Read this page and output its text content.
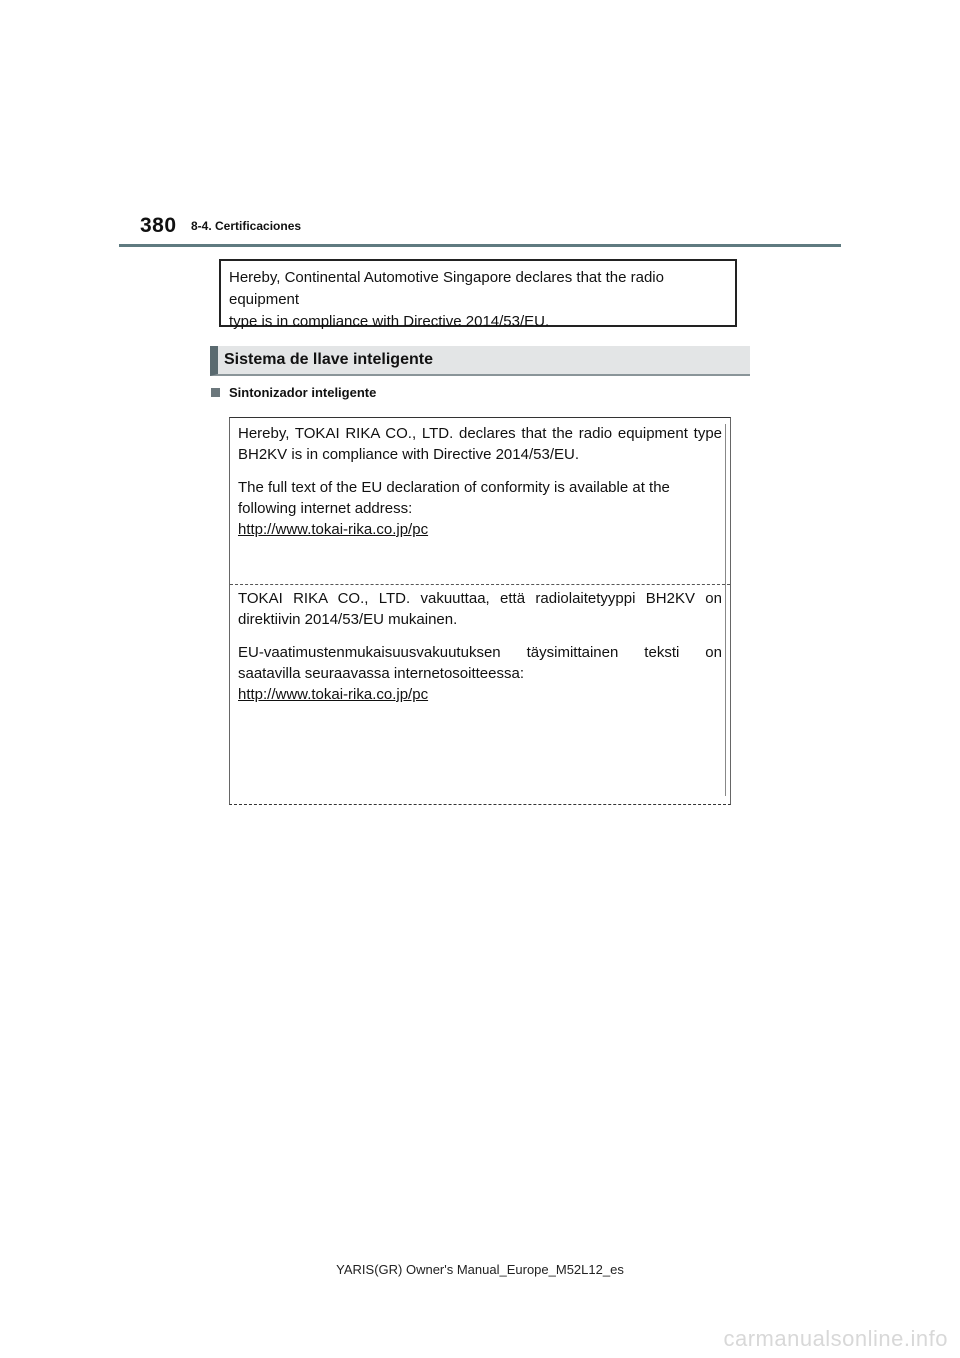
380 8-4. Certificaciones
Hereby, Continental Automotive Singapore declares that the radio equipment
type is in compliance with Directive 2014/53/EU.
Sistema de llave inteligente
Sintonizador inteligente

Hereby, TOKAI RIKA CO., LTD. declares that the radio equipment type
BH2KV is in compliance with Directive 2014/53/EU.

The full text of the EU declaration of conformity is available at the
following internet address:
http://www.tokai-rika.co.jp/pc

TOKAI RIKA CO., LTD. vakuuttaa, että radiolaitetyyppi BH2KV on
direktiivin 2014/53/EU mukainen.

EU-vaatimustenmukaisuusvakuutuksen täysimittainen teksti on
saatavilla seuraavassa internetosoitteessa:
http://www.tokai-rika.co.jp/pc

YARIS(GR) Owner's Manual_Europe_M52L12_es
carmanualsonline.info
